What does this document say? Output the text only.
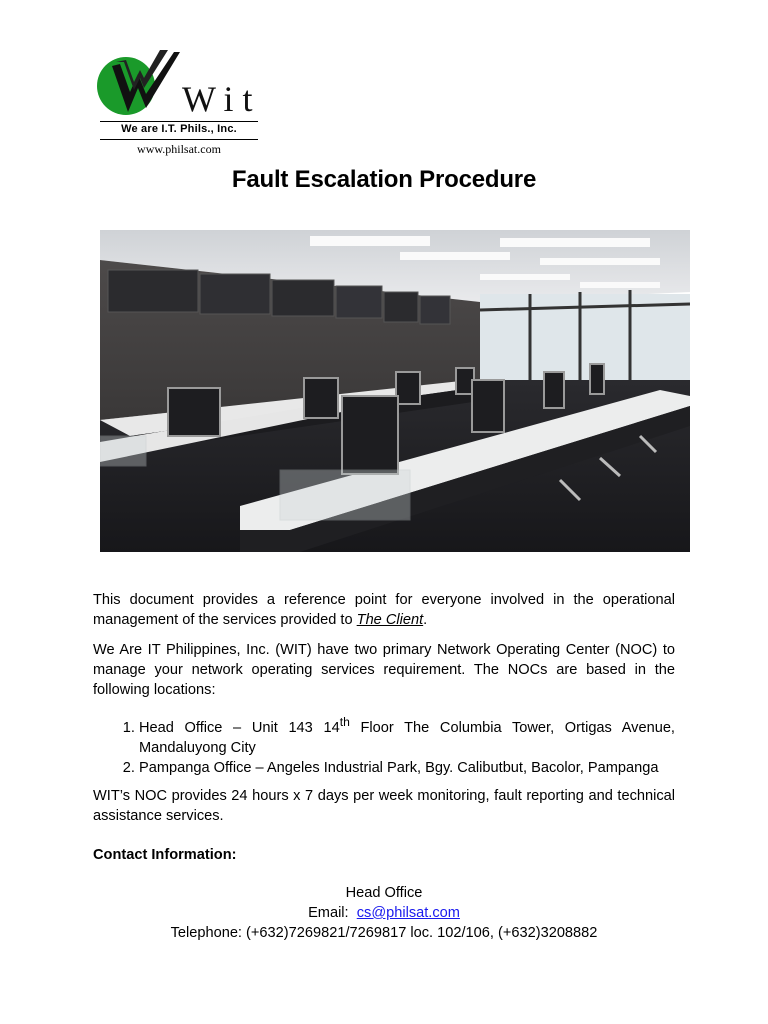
Wit
We are I.T. Phils., Inc.
www.philsat.com
Fault Escalation Procedure

This document provides a reference point for everyone involved in the operational management of the services provided to The Client.

We Are IT Philippines, Inc. (WIT) have two primary Network Operating Center (NOC) to manage your network operating services requirement. The NOCs are based in the following locations:

1. Head Office – Unit 143 14th Floor The Columbia Tower, Ortigas Avenue, Mandaluyong City
2. Pampanga Office – Angeles Industrial Park, Bgy. Calibutbut, Bacolor, Pampanga

WIT’s NOC provides 24 hours x 7 days per week monitoring, fault reporting and technical assistance services.

Contact Information:

Head Office

Email: cs@philsat.com

Telephone: (+632)7269821/7269817 loc. 102/106, (+632)3208882
